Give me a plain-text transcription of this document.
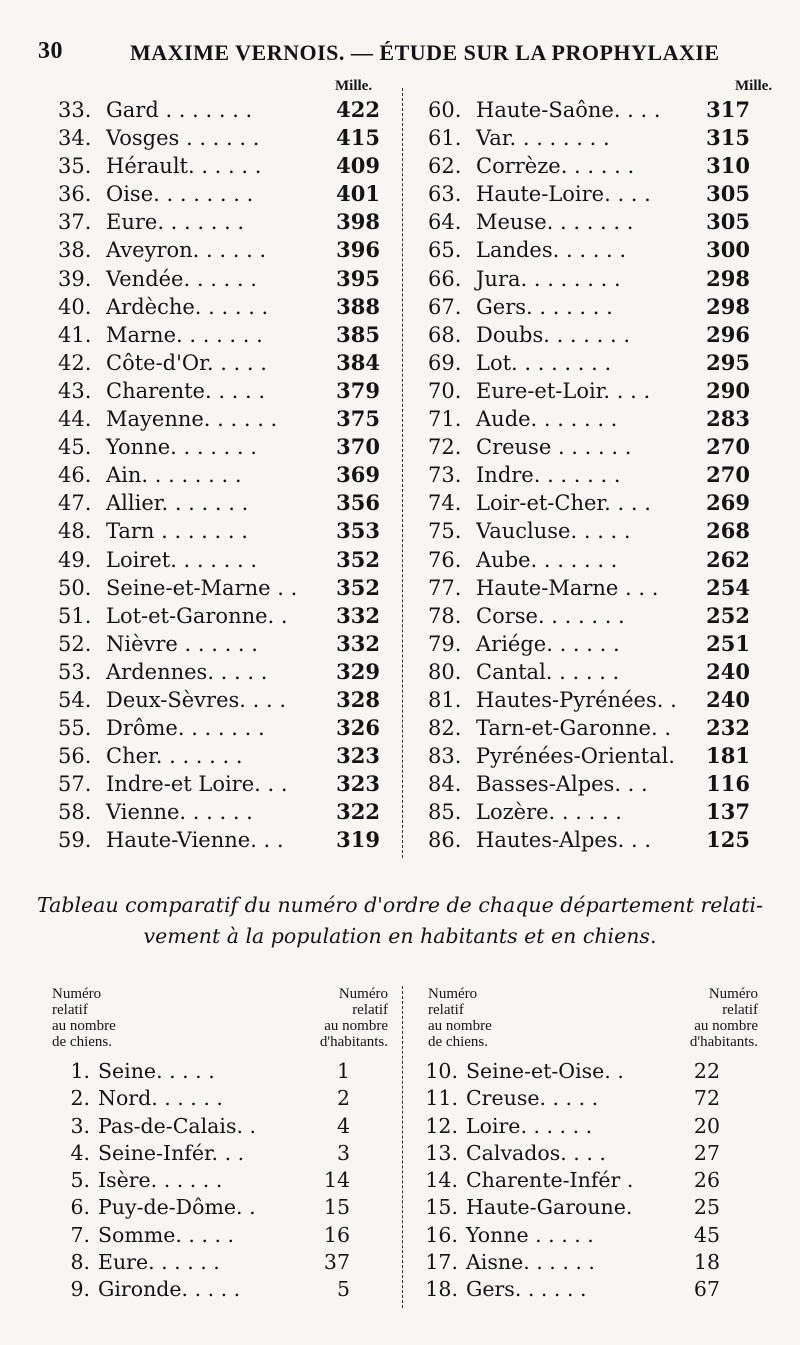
30	MAXIME VERNOIS. — ÉTUDE SUR LA PROPHYLAXIE
Mille.	Mille.
33. Gard . . . . . . .	422
34. Vosges . . . . . .	415
35. Hérault. . . . . .	409
36. Oise. . . . . . . .	401
37. Eure. . . . . . .	398
38. Aveyron. . . . . .	396
39. Vendée. . . . . .	395
40. Ardèche. . . . . .	388
41. Marne. . . . . . .	385
42. Côte-d'Or. . . . .	384
43. Charente. . . . .	379
44. Mayenne. . . . . .	375
45. Yonne. . . . . . .	370
46. Ain. . . . . . . .	369
47. Allier. . . . . . .	356
48. Tarn . . . . . . .	353
49. Loiret. . . . . . .	352
50. Seine-et-Marne . . 352
51. Lot-et-Garonne. . 332
52. Nièvre . . . . . .	332
53. Ardennes. . . . .	329
54. Deux-Sèvres. . . . 328
55. Drôme. . . . . . .	326
56. Cher. . . . . . .	323
57. Indre-et Loire. . . 323
58. Vienne. . . . . .	322
59. Haute-Vienne. . .	319
60. Haute-Saône. . . . 317
61. Var. . . . . . . .	315
62. Corrèze. . . . . .	310
63. Haute-Loire. . . .	305
64. Meuse. . . . . . .	305
65. Landes. . . . . .	300
66. Jura. . . . . . . .	298
67. Gers. . . . . . .	298
68. Doubs. . . . . . .	296
69. Lot. . . . . . . .	295
70. Eure-et-Loir. . . .	290
71. Aude. . . . . . .	283
72. Creuse . . . . . .	270
73. Indre. . . . . . .	270
74. Loir-et-Cher. . . .	269
75. Vaucluse. . . . .	268
76. Aube. . . . . . .	262
77. Haute-Marne . . . 254
78. Corse. . . . . . .	252
79. Ariége. . . . . .	251
80. Cantal. . . . . .	240
81. Hautes-Pyrénées. . 240
82. Tarn-et-Garonne. . 232
83. Pyrénées-Oriental. 181
84. Basses-Alpes. . .	116
85. Lozère. . . . . .	137
86. Hautes-Alpes. . .	125
Tableau comparatif du numéro d'ordre de chaque département relati-
vement à la population en habitants et en chiens.
Numéro
relatif
au nombre
de chiens.
Numéro
relatif
au nombre
d'habitants.
Numéro
relatif
au nombre
de chiens.
Numéro
relatif
au nombre
d'habitants.
1. Seine. . . . .	1
2. Nord. . . . . .	2
3. Pas-de-Calais. .	4
4. Seine-Infér. . .	3
5. Isère. . . . . .	14
6. Puy-de-Dôme. .	15
7. Somme. . . . .	16
8. Eure. . . . . .	37
9. Gironde. . . . .	5
10. Seine-et-Oise. .	22
11. Creuse. . . . .	72
12. Loire. . . . . .	20
13. Calvados. . . .	27
14. Charente-Infér .	26
15. Haute-Garoune.	25
16. Yonne . . . . .	45
17. Aisne. . . . . .	18
18. Gers. . . . . .	67
